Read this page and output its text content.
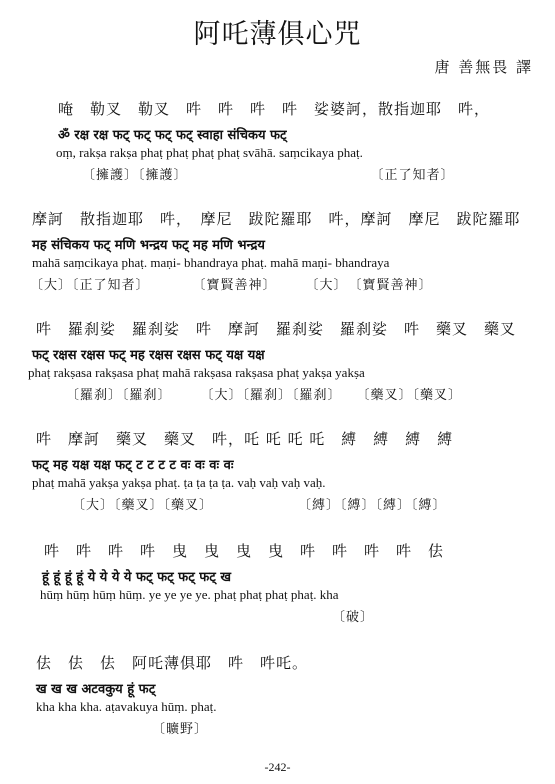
阿吒薄俱心咒
唐 善無畏 譯
唵　勒叉　勒叉　吽　吽　吽　吽　娑婆訶，散指迦耶　吽，
ॐ रक्ष रक्ष फट् फट् फट् फट् स्वाहा संचिकय फट्
oṃ, rakṣa rakṣa phaṭ phaṭ phaṭ phaṭ svāhā. saṃcikaya phaṭ.
〔擁護〕〔擁護〕　　　　　　　　　　　　　　〔正了知者〕
摩訶　散指迦耶　吽，　摩尼　跋陀羅耶　吽，摩訶　摩尼　跋陀羅耶
मह संचिकय फट् मणि भन्द्रय फट् मह मणि भन्द्रय
mahā saṃcikaya phaṭ. maṇi- bhandraya phaṭ. mahā maṇi- bhandraya
〔大〕〔正了知者〕　　　　〔寶賢善神〕　　　〔大〕　〔寶賢善神〕
吽　羅刹娑　羅刹娑　吽　摩訶　羅刹娑　羅刹娑　吽　藥叉　藥叉
फट् रक्षस रक्षस फट् मह रक्षस रक्षस फट् यक्ष यक्ष
phaṭ rakṣasa rakṣasa phaṭ mahā rakṣasa rakṣasa phaṭ yakṣa yakṣa
〔羅刹〕〔羅刹〕　　　〔大〕〔羅刹〕〔羅刹〕　　〔藥叉〕〔藥叉〕
吽　摩訶　藥叉　藥叉　吽，吒 吒 吒 吒　縛　縛　縛　縛
फट् मह यक्ष यक्ष फट् ट ट ट ट वः वः वः वः
phaṭ mahā yakṣa yakṣa phaṭ. ṭa ṭa ṭa ṭa. vaḥ vaḥ vaḥ vaḥ.
〔大〕〔藥叉〕〔藥叉〕　　　　　　　〔縛〕〔縛〕〔縛〕〔縛〕
吽　吽　吽　吽　曳　曳　曳　曳　吽　吽　吽　吽　佉
हूं हूं हूं हूं ये ये ये ये फट् फट् फट् फट् ख
hūṃ hūṃ hūṃ hūṃ. ye ye ye ye. phaṭ phaṭ phaṭ phaṭ. kha
〔破〕
佉　佉　佉　阿吒薄俱耶　吽　吽吒。
ख ख ख अटवकुय हूं फट्
kha kha kha. aṭavakuya hūṃ. phaṭ.
〔曠野〕
-242-
